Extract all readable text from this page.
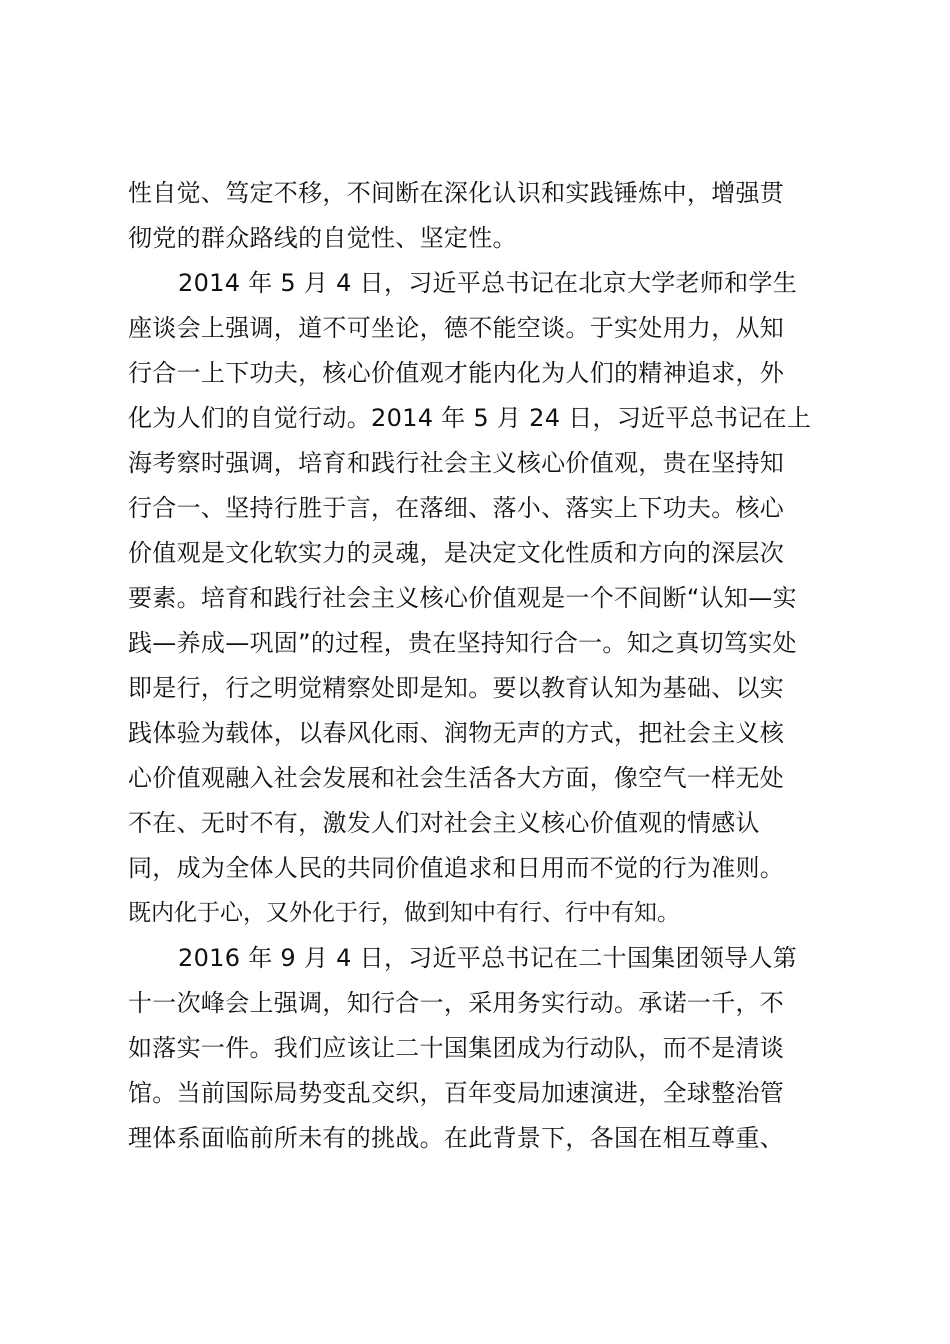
性自觉、笃定不移，不间断在深化认识和实践锤炼中，增强贯
彻党的群众路线的自觉性、坚定性。
2014 年 5 月 4 日，习近平总书记在北京大学老师和学生
座谈会上强调，道不可坐论，德不能空谈。于实处用力，从知
行合一上下功夫，核心价值观才能内化为人们的精神追求，外
化为人们的自觉行动。2014 年 5 月 24 日，习近平总书记在上
海考察时强调，培育和践行社会主义核心价值观，贵在坚持知
行合一、坚持行胜于言，在落细、落小、落实上下功夫。核心
价值观是文化软实力的灵魂，是决定文化性质和方向的深层次
要素。培育和践行社会主义核心价值观是一个不间断“认知—实
践—养成—巩固”的过程，贵在坚持知行合一。知之真切笃实处
即是行，行之明觉精察处即是知。要以教育认知为基础、以实
践体验为载体，以春风化雨、润物无声的方式，把社会主义核
心价值观融入社会发展和社会生活各大方面，像空气一样无处
不在、无时不有，激发人们对社会主义核心价值观的情感认
同，成为全体人民的共同价值追求和日用而不觉的行为准则。
既内化于心，又外化于行，做到知中有行、行中有知。
2016 年 9 月 4 日，习近平总书记在二十国集团领导人第
十一次峰会上强调，知行合一，采用务实行动。承诺一千，不
如落实一件。我们应该让二十国集团成为行动队，而不是清谈
馆。当前国际局势变乱交织，百年变局加速演进，全球整治管
理体系面临前所未有的挑战。在此背景下，各国在相互尊重、
